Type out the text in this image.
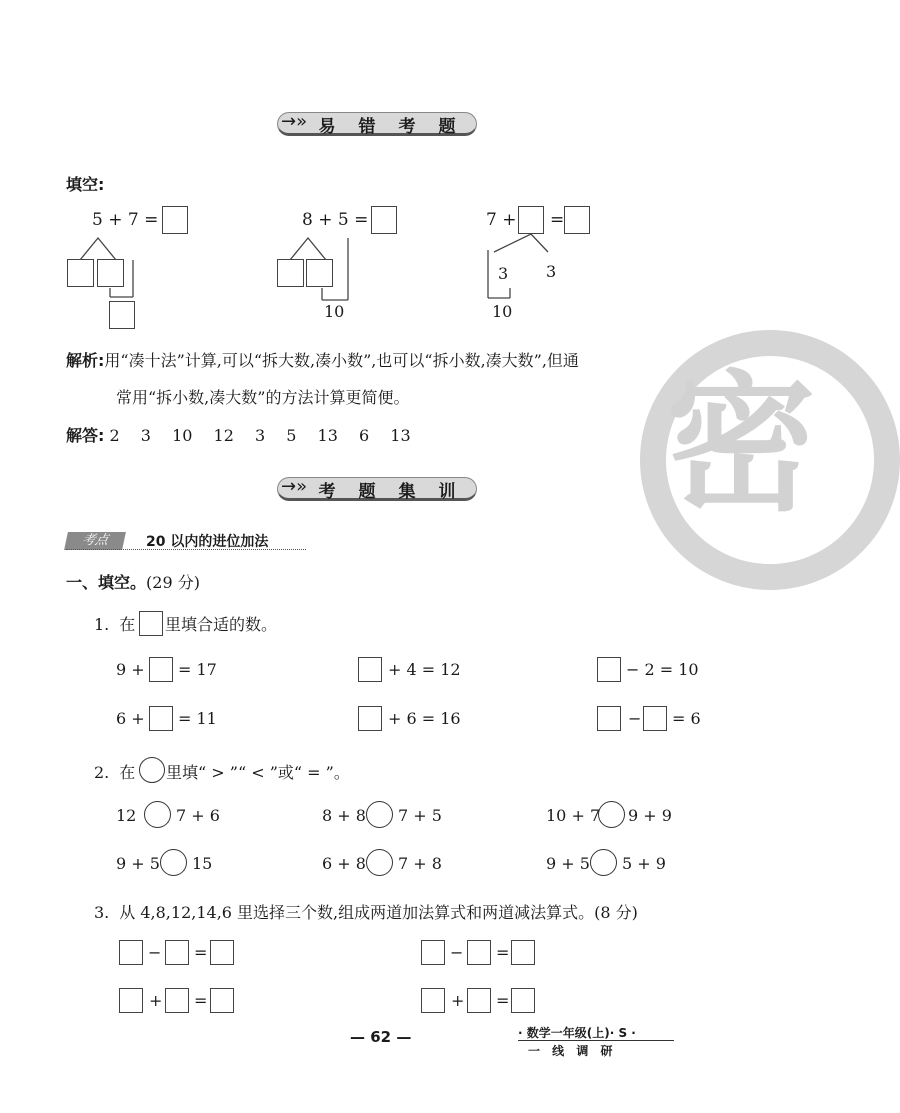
密
→» 易 错 考 题
填空:
5 + 7 =	8 + 5 =
10
7 + =
3 3
10
解析:用“凑十法”计算,可以“拆大数,凑小数”,也可以“拆小数,凑大数”,但通
常用“拆小数,凑大数”的方法计算更简便。
解答: 2 3 10 12 3 5 13 6 13
→» 考 题 集 训
考点	20 以内的进位加法
一、填空。(29 分)
1. 在 里填合适的数。
9 + = 17	+ 4 = 12	− 2 = 10
6 + = 11	+ 6 = 16	− = 6
2. 在 里填“ > ”“ < ”或“ = ”。
12 7 + 6	8 + 8 7 + 5	10 + 7 9 + 9
9 + 5 15	6 + 8 7 + 8	9 + 5 5 + 9
3. 从 4,8,12,14,6 里选择三个数,组成两道加法算式和两道减法算式。(8 分)
− =	− =
+ =	+ =
— 62 —	· 数学一年级(上)· S ·
一 线 调 研
